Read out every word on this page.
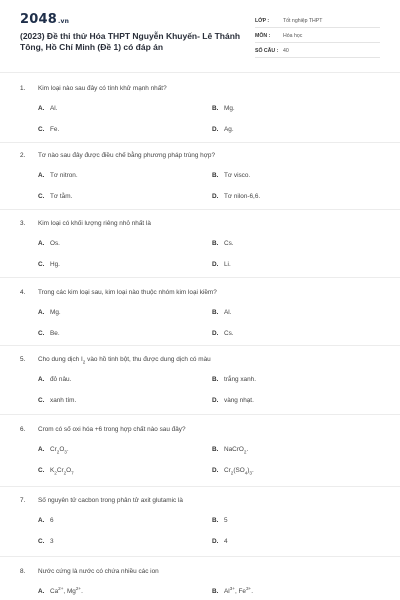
2048.vn
(2023) Đề thi thử Hóa THPT Nguyễn Khuyến- Lê Thánh
Tông, Hồ Chí Minh (Đề 1) có đáp án
LỚP :	Tốt nghiệp THPT
MÔN : Hóa học
SỐ CÂU : 40
1. Kim loại nào sau đây có tính khử mạnh nhất?
A. Al.	B. Mg.
C. Fe.	D. Ag.
2. Tơ nào sau đây được điều chế bằng phương pháp trùng hợp?
A. Tơ nitron.	B. Tơ visco.
C. Tơ tằm.	D. Tơ nilon-6,6.
3. Kim loại có khối lượng riêng nhỏ nhất là
A. Os.	B. Cs.
C. Hg.	D. Li.
4. Trong các kim loại sau, kim loại nào thuộc nhóm kim loại kiềm?
A. Mg.	B. Al.
C. Be.	D. Cs.
5. Cho dung dịch $I_2$ vào hồ tinh bột, thu được dung dịch có màu
A. đỏ nâu.	B. trắng xanh.
C. xanh tím.	D. vàng nhạt.
6. Crom có số oxi hóa +6 trong hợp chất nào sau đây?
A. $Cr_2O_3$.	B. NaCrO$_2$.
C. $K_2Cr_2O_7$	D. $Cr_2(SO_4)_3$.
7. Số nguyên tử cacbon trong phân tử axit glutamic là
A. 6	B. 5
C. 3	D. 4
8. Nước cứng là nước có chứa nhiều các ion
A. $Ca^{2+}$, $Mg^{2+}$.	B. $Al^{3+}$, $Fe^{3+}$.
